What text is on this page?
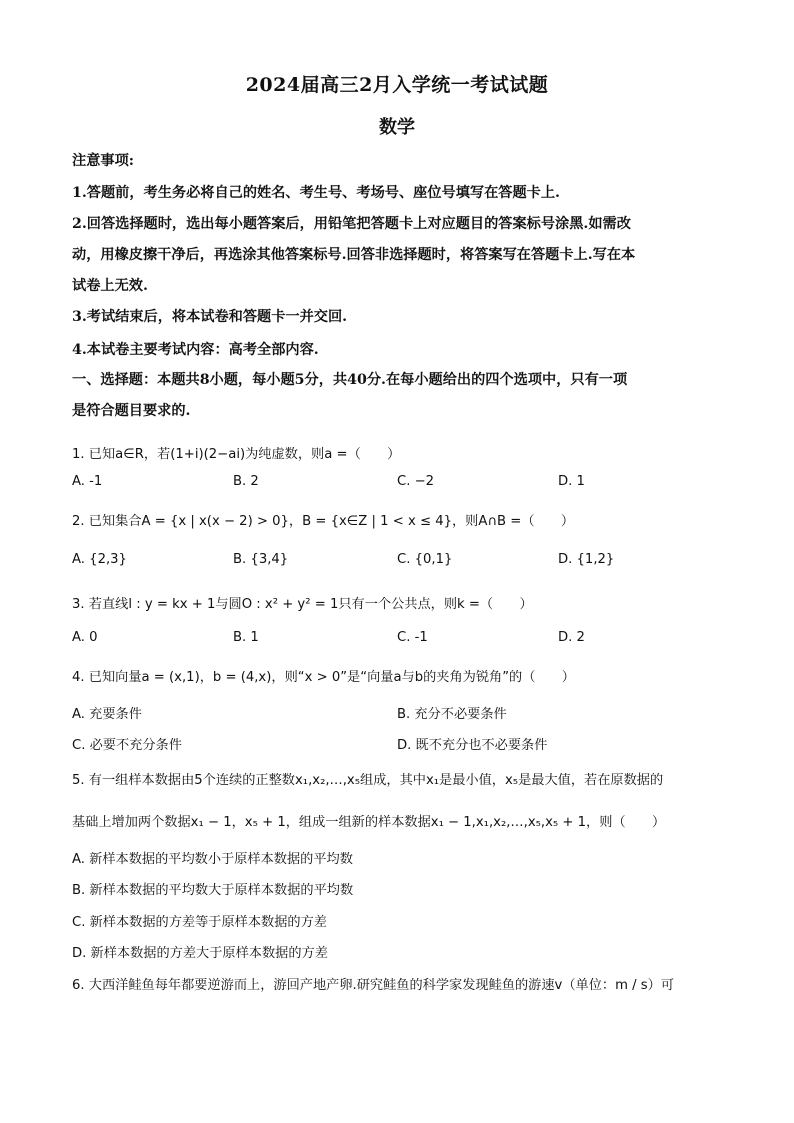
2024届高三2月入学统一考试试题
数学
注意事项:
1.答题前，考生务必将自己的姓名、考生号、考场号、座位号填写在答题卡上.
2.回答选择题时，选出每小题答案后，用铅笔把答题卡上对应题目的答案标号涂黑.如需改
动，用橡皮擦干净后，再选涂其他答案标号.回答非选择题时，将答案写在答题卡上.写在本
试卷上无效.
3.考试结束后，将本试卷和答题卡一并交回.
4.本试卷主要考试内容：高考全部内容.
一、选择题：本题共8小题，每小题5分，共40分.在每小题给出的四个选项中，只有一项
是符合题目要求的.
1. 已知a∈R，若(1+i)(2−ai)为纯虚数，则a =（　　）
A. -1	B. 2	C. −2	D. 1
2. 已知集合A = {x | x(x − 2) > 0}，B = {x∈Z | 1 < x ≤ 4}，则A∩B =（　　）
A. {2,3}	B. {3,4}	C. {0,1}	D. {1,2}
3. 若直线l : y = kx + 1与圆O : x² + y² = 1只有一个公共点，则k =（　　）
A. 0	B. 1	C. -1	D. 2
4. 已知向量a = (x,1)，b = (4,x)，则“x > 0”是“向量a与b的夹角为锐角”的（　　）
A. 充要条件	B. 充分不必要条件
C. 必要不充分条件	D. 既不充分也不必要条件
5. 有一组样本数据由5个连续的正整数x₁,x₂,…,x₅组成，其中x₁是最小值，x₅是最大值，若在原数据的
基础上增加两个数据x₁ − 1，x₅ + 1，组成一组新的样本数据x₁ − 1,x₁,x₂,…,x₅,x₅ + 1，则（　　）
A. 新样本数据的平均数小于原样本数据的平均数
B. 新样本数据的平均数大于原样本数据的平均数
C. 新样本数据的方差等于原样本数据的方差
D. 新样本数据的方差大于原样本数据的方差
6. 大西洋鲑鱼每年都要逆游而上，游回产地产卵.研究鲑鱼的科学家发现鲑鱼的游速v（单位：m / s）可
